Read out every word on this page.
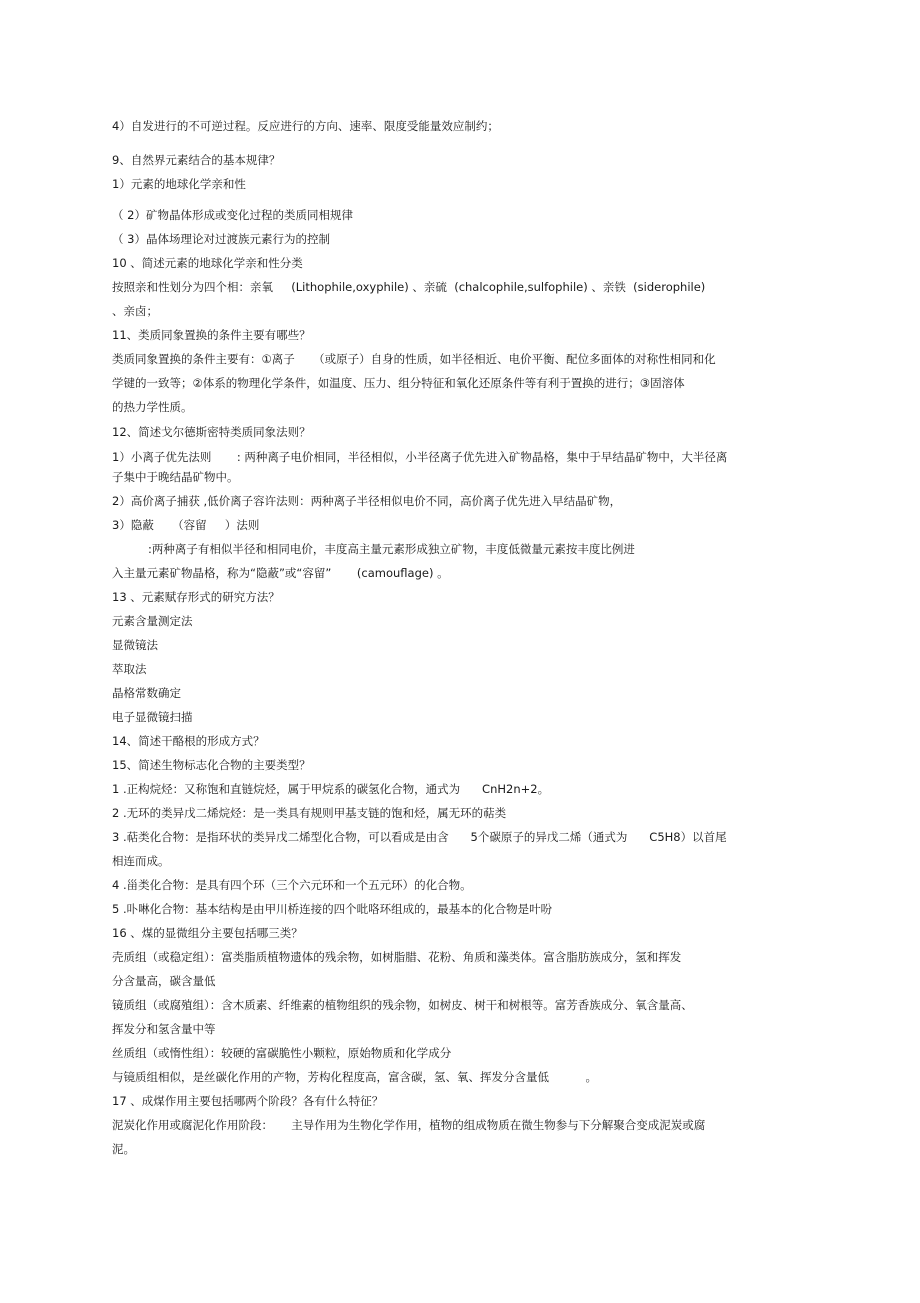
4）自发进行的不可逆过程。反应进行的方向、速率、限度受能量效应制约；
9、自然界元素结合的基本规律？
1）元素的地球化学亲和性
（ 2）矿物晶体形成或变化过程的类质同相规律
（ 3）晶体场理论对过渡族元素行为的控制
10 、简述元素的地球化学亲和性分类
按照亲和性划分为四个相：亲氧     (Lithophile,oxyphile) 、亲硫  (chalcophile,sulfophile) 、亲铁  (siderophile)
、亲卤；
11、类质同象置换的条件主要有哪些？
类质同象置换的条件主要有：①离子     （或原子）自身的性质，如半径相近、电价平衡、配位多面体的对称性相同和化
学键的一致等；②体系的物理化学条件，如温度、压力、组分特征和氧化还原条件等有利于置换的进行；③固溶体
的热力学性质。
12、简述戈尔德斯密特类质同象法则？
1）小离子优先法则       : 两种离子电价相同，半径相似，小半径离子优先进入矿物晶格，集中于早结晶矿物中，大半径离
子集中于晚结晶矿物中。
2）高价离子捕获 ,低价离子容许法则：两种离子半径相似电价不同，高价离子优先进入早结晶矿物，
3）隐蔽     （容留     ）法则
:两种离子有相似半径和相同电价，丰度高主量元素形成独立矿物，丰度低微量元素按丰度比例进
入主量元素矿物晶格，称为“隐蔽”或“容留”       (camouflage) 。
13 、元素赋存形式的研究方法？
元素含量测定法
显微镜法
萃取法
晶格常数确定
电子显微镜扫描
14、简述干酪根的形成方式？
15、简述生物标志化合物的主要类型？
1 .正构烷烃：又称饱和直链烷烃，属于甲烷系的碳氢化合物，通式为      CnH2n+2。
2 .无环的类异戊二烯烷烃：是一类具有规则甲基支链的饱和烃，属无环的萜类
3 .萜类化合物：是指环状的类异戊二烯型化合物，可以看成是由含      5个碳原子的异戊二烯（通式为      C5H8）以首尾
相连而成。
4 .甾类化合物：是具有四个环（三个六元环和一个五元环）的化合物。
5 .卟啉化合物：基本结构是由甲川桥连接的四个吡咯环组成的，最基本的化合物是叶吩
16 、煤的显微组分主要包括哪三类？
壳质组（或稳定组）：富类脂质植物遗体的残余物，如树脂腊、花粉、角质和藻类体。富含脂肪族成分，氢和挥发
分含量高，碳含量低
镜质组（或腐殖组）：含木质素、纤维素的植物组织的残余物，如树皮、树干和树根等。富芳香族成分、氧含量高、
挥发分和氢含量中等
丝质组（或惰性组）：较硬的富碳脆性小颗粒，原始物质和化学成分
与镜质组相似，是丝碳化作用的产物，芳构化程度高，富含碳，氢、氧、挥发分含量低          。
17 、成煤作用主要包括哪两个阶段？各有什么特征？
泥炭化作用或腐泥化作用阶段：     主导作用为生物化学作用，植物的组成物质在微生物参与下分解聚合变成泥炭或腐
泥。
